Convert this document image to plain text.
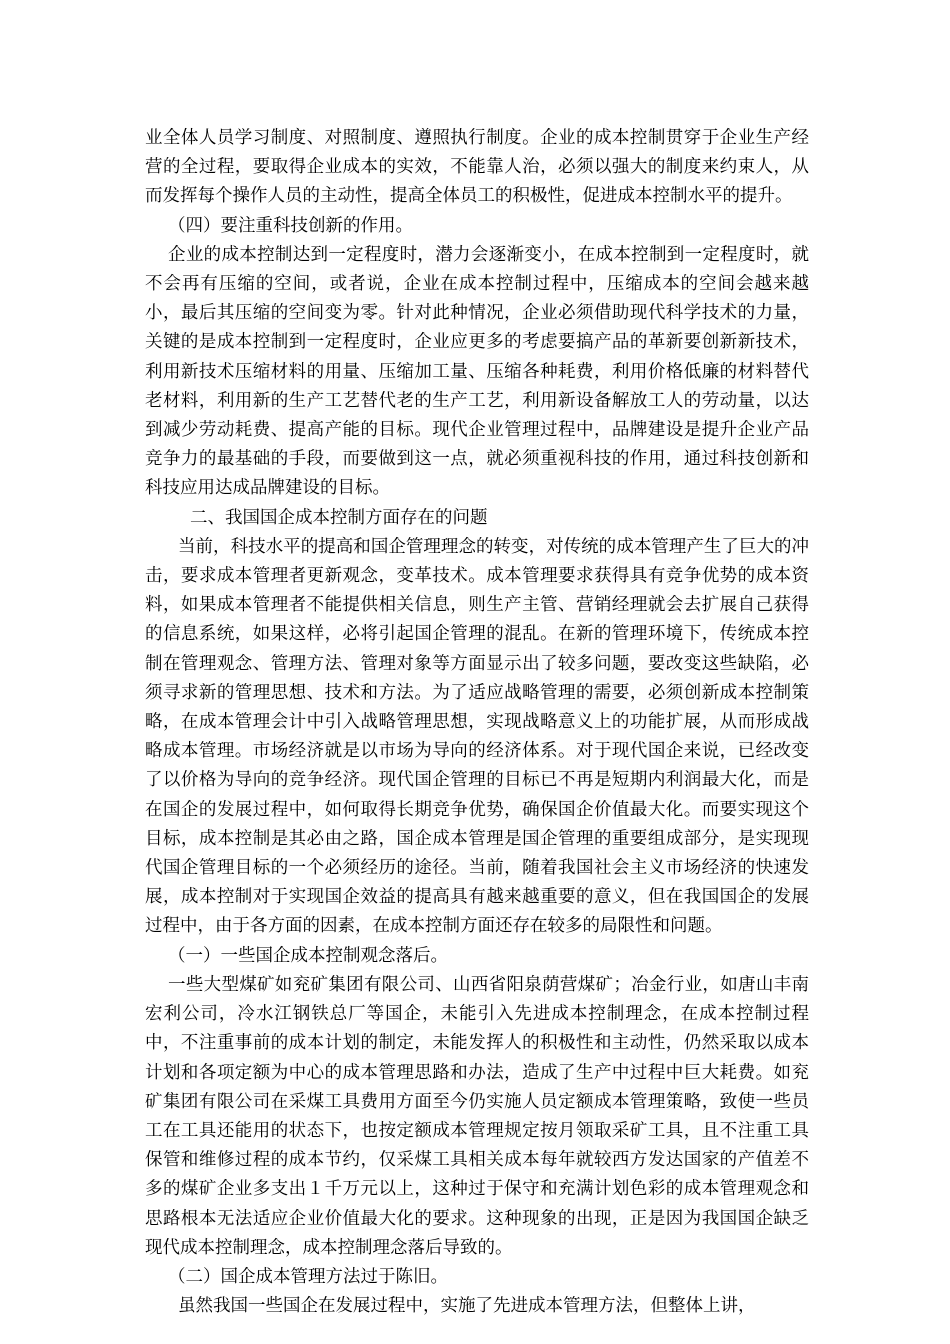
业全体人员学习制度、对照制度、遵照执行制度。企业的成本控制贯穿于企业生产经营的全过程，要取得企业成本的实效，不能靠人治，必须以强大的制度来约束人，从而发挥每个操作人员的主动性，提高全体员工的积极性，促进成本控制水平的提升。

（四）要注重科技创新的作用。

企业的成本控制达到一定程度时，潜力会逐渐变小，在成本控制到一定程度时，就不会再有压缩的空间，或者说，企业在成本控制过程中，压缩成本的空间会越来越小，最后其压缩的空间变为零。针对此种情况，企业必须借助现代科学技术的力量，关键的是成本控制到一定程度时，企业应更多的考虑要搞产品的革新要创新新技术，利用新技术压缩材料的用量、压缩加工量、压缩各种耗费，利用价格低廉的材料替代老材料，利用新的生产工艺替代老的生产工艺，利用新设备解放工人的劳动量，以达到减少劳动耗费、提高产能的目标。现代企业管理过程中，品牌建设是提升企业产品竞争力的最基础的手段，而要做到这一点，就必须重视科技的作用，通过科技创新和科技应用达成品牌建设的目标。

二、我国国企成本控制方面存在的问题

当前，科技水平的提高和国企管理理念的转变，对传统的成本管理产生了巨大的冲击，要求成本管理者更新观念，变革技术。成本管理要求获得具有竞争优势的成本资料，如果成本管理者不能提供相关信息，则生产主管、营销经理就会去扩展自己获得的信息系统，如果这样，必将引起国企管理的混乱。在新的管理环境下，传统成本控制在管理观念、管理方法、管理对象等方面显示出了较多问题，要改变这些缺陷，必须寻求新的管理思想、技术和方法。为了适应战略管理的需要，必须创新成本控制策略，在成本管理会计中引入战略管理思想，实现战略意义上的功能扩展，从而形成战略成本管理。市场经济就是以市场为导向的经济体系。对于现代国企来说，已经改变了以价格为导向的竞争经济。现代国企管理的目标已不再是短期内利润最大化，而是在国企的发展过程中，如何取得长期竞争优势，确保国企价值最大化。而要实现这个目标，成本控制是其必由之路，国企成本管理是国企管理的重要组成部分，是实现现代国企管理目标的一个必须经历的途径。当前，随着我国社会主义市场经济的快速发展，成本控制对于实现国企效益的提高具有越来越重要的意义，但在我国国企的发展过程中，由于各方面的因素，在成本控制方面还存在较多的局限性和问题。

（一）一些国企成本控制观念落后。

一些大型煤矿如兖矿集团有限公司、山西省阳泉荫营煤矿；冶金行业，如唐山丰南宏利公司，冷水江钢铁总厂等国企，未能引入先进成本控制理念，在成本控制过程中，不注重事前的成本计划的制定，未能发挥人的积极性和主动性，仍然采取以成本计划和各项定额为中心的成本管理思路和办法，造成了生产中过程中巨大耗费。如兖矿集团有限公司在采煤工具费用方面至今仍实施人员定额成本管理策略，致使一些员工在工具还能用的状态下，也按定额成本管理规定按月领取采矿工具，且不注重工具保管和维修过程的成本节约，仅采煤工具相关成本每年就较西方发达国家的产值差不多的煤矿企业多支出１千万元以上，这种过于保守和充满计划色彩的成本管理观念和思路根本无法适应企业价值最大化的要求。这种现象的出现，正是因为我国国企缺乏现代成本控制理念，成本控制理念落后导致的。

（二）国企成本管理方法过于陈旧。

虽然我国一些国企在发展过程中，实施了先进成本管理方法，但整体上讲，
